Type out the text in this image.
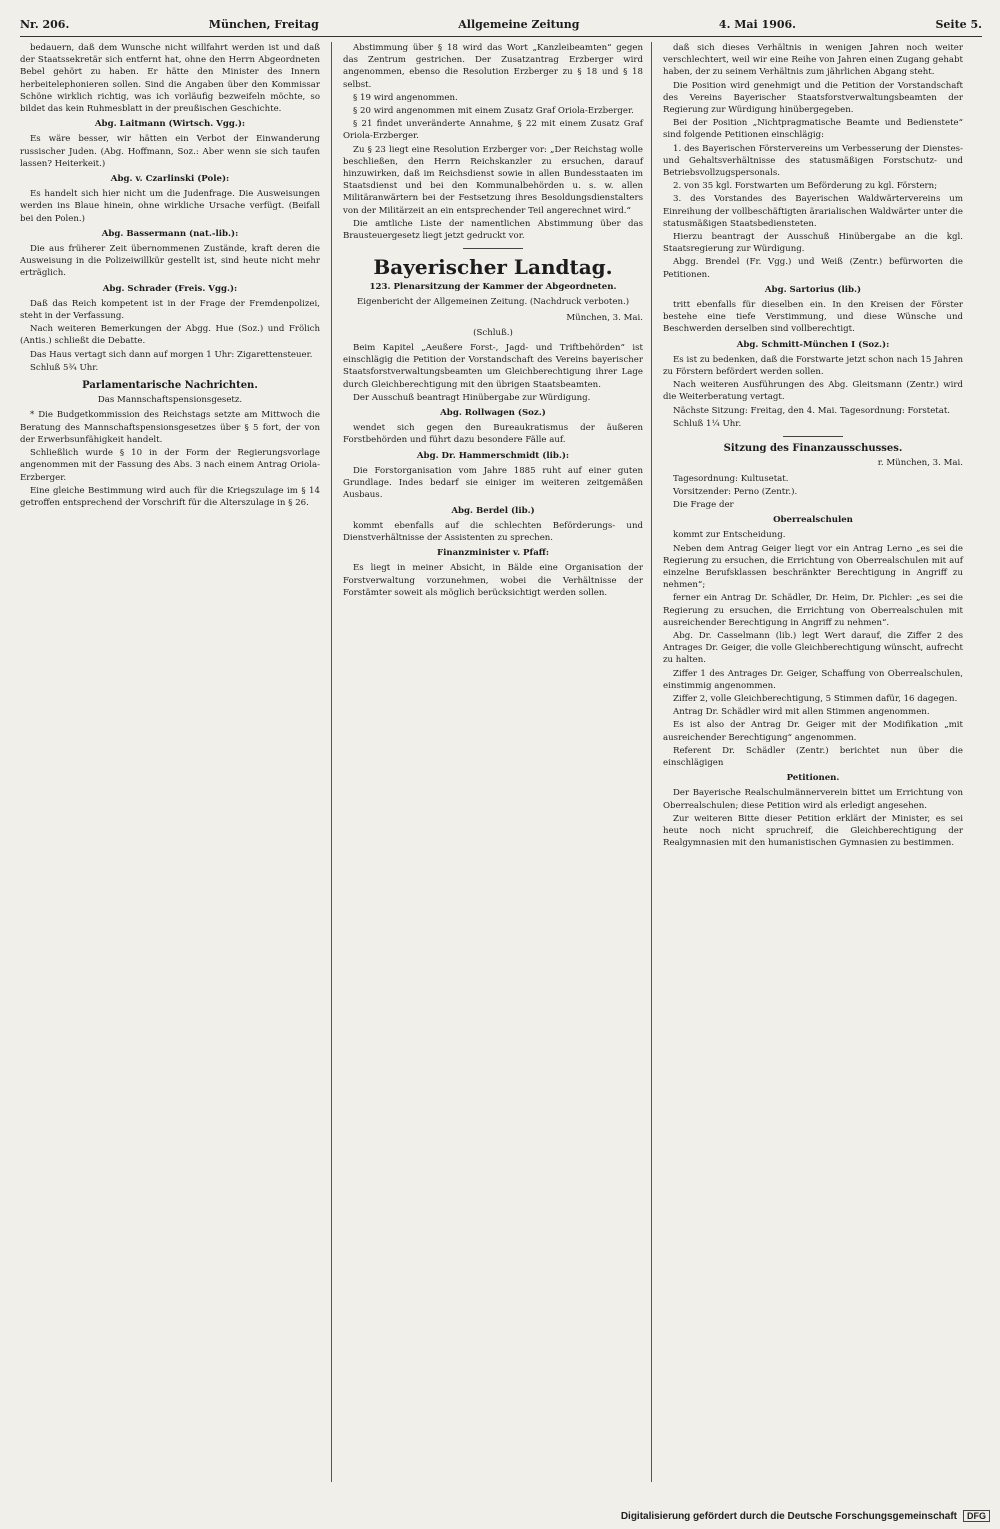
Nr. 206.	München, Freitag	Allgemeine Zeitung	4. Mai 1906.	Seite 5.

bedauern, daß dem Wunsche nicht willfahrt werden ist und daß der Staatssekretär sich entfernt hat, ohne den Herrn Abgeordneten Bebel gehört zu haben. Er hätte den Minister des Innern herbeitelephonieren sollen. Sind die Angaben über den Kommissar Schöne wirklich richtig, was ich vorläufig bezweifeln möchte, so bildet das kein Ruhmesblatt in der preußischen Geschichte.

Abg. Laitmann (Wirtsch. Vgg.):

Es wäre besser, wir hätten ein Verbot der Einwanderung russischer Juden. (Abg. Hoffmann, Soz.: Aber wenn sie sich taufen lassen? Heiterkeit.)

Abg. v. Czarlinski (Pole):

Es handelt sich hier nicht um die Judenfrage. Die Ausweisungen werden ins Blaue hinein, ohne wirkliche Ursache verfügt. (Beifall bei den Polen.)

Abg. Bassermann (nat.-lib.):

Die aus früherer Zeit übernommenen Zustände, kraft deren die Ausweisung in die Polizeiwillkür gestellt ist, sind heute nicht mehr erträglich.

Abg. Schrader (Freis. Vgg.):

Daß das Reich kompetent ist in der Frage der Fremdenpolizei, steht in der Verfassung.

Nach weiteren Bemerkungen der Abgg. Hue (Soz.) und Frölich (Antis.) schließt die Debatte.

Das Haus vertagt sich dann auf morgen 1 Uhr: Zigarettensteuer.

Schluß 5¾ Uhr.

Parlamentarische Nachrichten.

Das Mannschaftspensionsgesetz.

* Die Budgetkommission des Reichstags setzte am Mittwoch die Beratung des Mannschaftspensionsgesetzes über § 5 fort, der von der Erwerbsunfähigkeit handelt.

Schließlich wurde § 10 in der Form der Regierungsvorlage angenommen mit der Fassung des Abs. 3 nach einem Antrag Oriola-Erzberger.

Eine gleiche Bestimmung wird auch für die Kriegszulage im § 14 getroffen entsprechend der Vorschrift für die Alterszulage in § 26.

Abstimmung über § 18 wird das Wort „Kanzleibeamten“ gegen das Zentrum gestrichen. Der Zusatzantrag Erzberger wird angenommen, ebenso die Resolution Erzberger zu § 18 und § 18 selbst.

§ 19 wird angenommen.

§ 20 wird angenommen mit einem Zusatz Graf Oriola-Erzberger.

§ 21 findet unveränderte Annahme, § 22 mit einem Zusatz Graf Oriola-Erzberger.

Zu § 23 liegt eine Resolution Erzberger vor: „Der Reichstag wolle beschließen, den Herrn Reichskanzler zu ersuchen, darauf hinzuwirken, daß im Reichsdienst sowie in allen Bundesstaaten im Staatsdienst und bei den Kommunalbehörden u. s. w. allen Militäranwärtern bei der Festsetzung ihres Besoldungsdienstalters von der Militärzeit an ein entsprechender Teil angerechnet wird.“

Die amtliche Liste der namentlichen Abstimmung über das Brausteuergesetz liegt jetzt gedruckt vor.

Bayerischer Landtag.

123. Plenarsitzung der Kammer der Abgeordneten.

Eigenbericht der Allgemeinen Zeitung. (Nachdruck verboten.)

München, 3. Mai.

(Schluß.)

Beim Kapitel „Aeußere Forst-, Jagd- und Triftbehörden“ ist einschlägig die Petition der Vorstandschaft des Vereins bayerischer Staatsforstverwaltungsbeamten um Gleichberechtigung ihrer Lage durch Gleichberechtigung mit den übrigen Staatsbeamten.

Der Ausschuß beantragt Hinübergabe zur Würdigung.

Abg. Rollwagen (Soz.)

wendet sich gegen den Bureaukratismus der äußeren Forstbehörden und führt dazu besondere Fälle auf.

Abg. Dr. Hammerschmidt (lib.):

Die Forstorganisation vom Jahre 1885 ruht auf einer guten Grundlage. Indes bedarf sie einiger im weiteren zeitgemäßen Ausbaus.

Abg. Berdel (lib.)

kommt ebenfalls auf die schlechten Beförderungs- und Dienstverhältnisse der Assistenten zu sprechen.

Finanzminister v. Pfaff:

Es liegt in meiner Absicht, in Bälde eine Organisation der Forstverwaltung vorzunehmen, wobei die Verhältnisse der Forstämter soweit als möglich berücksichtigt werden sollen.

daß sich dieses Verhältnis in wenigen Jahren noch weiter verschlechtert, weil wir eine Reihe von Jahren einen Zugang gehabt haben, der zu seinem Verhältnis zum jährlichen Abgang steht.

Die Position wird genehmigt und die Petition der Vorstandschaft des Vereins Bayerischer Staatsforstverwaltungsbeamten der Regierung zur Würdigung hinübergegeben.

Bei der Position „Nichtpragmatische Beamte und Bedienstete“ sind folgende Petitionen einschlägig:

1. des Bayerischen Förstervereins um Verbesserung der Dienstes- und Gehaltsverhältnisse des statusmäßigen Forstschutz- und Betriebsvollzugspersonals.

2. von 35 kgl. Forstwarten um Beförderung zu kgl. Förstern;

3. des Vorstandes des Bayerischen Waldwärtervereins um Einreihung der vollbeschäftigten ärarialischen Waldwärter unter die statusmäßigen Staatsbediensteten.

Hierzu beantragt der Ausschuß Hinübergabe an die kgl. Staatsregierung zur Würdigung.

Abgg. Brendel (Fr. Vgg.) und Weiß (Zentr.) befürworten die Petitionen.

Abg. Sartorius (lib.)

tritt ebenfalls für dieselben ein. In den Kreisen der Förster bestehe eine tiefe Verstimmung, und diese Wünsche und Beschwerden derselben sind vollberechtigt.

Abg. Schmitt-München I (Soz.):

Es ist zu bedenken, daß die Forstwarte jetzt schon nach 15 Jahren zu Förstern befördert werden sollen.

Nach weiteren Ausführungen des Abg. Gleitsmann (Zentr.) wird die Weiterberatung vertagt.

Nächste Sitzung: Freitag, den 4. Mai. Tagesordnung: Forstetat.

Schluß 1¼ Uhr.

Sitzung des Finanzausschusses.

r. München, 3. Mai.

Tagesordnung: Kultusetat.

Vorsitzender: Perno (Zentr.).

Die Frage der

Oberrealschulen

kommt zur Entscheidung.

Neben dem Antrag Geiger liegt vor ein Antrag Lerno „es sei die Regierung zu ersuchen, die Errichtung von Oberrealschulen mit auf einzelne Berufsklassen beschränkter Berechtigung in Angriff zu nehmen“;

ferner ein Antrag Dr. Schädler, Dr. Heim, Dr. Pichler: „es sei die Regierung zu ersuchen, die Errichtung von Oberrealschulen mit ausreichender Berechtigung in Angriff zu nehmen“.

Abg. Dr. Casselmann (lib.) legt Wert darauf, die Ziffer 2 des Antrages Dr. Geiger, die volle Gleichberechtigung wünscht, aufrecht zu halten.

Ziffer 1 des Antrages Dr. Geiger, Schaffung von Oberrealschulen, einstimmig angenommen.

Ziffer 2, volle Gleichberechtigung, 5 Stimmen dafür, 16 dagegen.

Antrag Dr. Schädler wird mit allen Stimmen angenommen.

Es ist also der Antrag Dr. Geiger mit der Modifikation „mit ausreichender Berechtigung“ angenommen.

Referent Dr. Schädler (Zentr.) berichtet nun über die einschlägigen

Petitionen.

Der Bayerische Realschulmännerverein bittet um Errichtung von Oberrealschulen; diese Petition wird als erledigt angesehen.

Zur weiteren Bitte dieser Petition erklärt der Minister, es sei heute noch nicht spruchreif, die Gleichberechtigung der Realgymnasien mit den humanistischen Gymnasien zu bestimmen.

Digitalisierung gefördert durch die Deutsche Forschungsgemeinschaft	DFG
